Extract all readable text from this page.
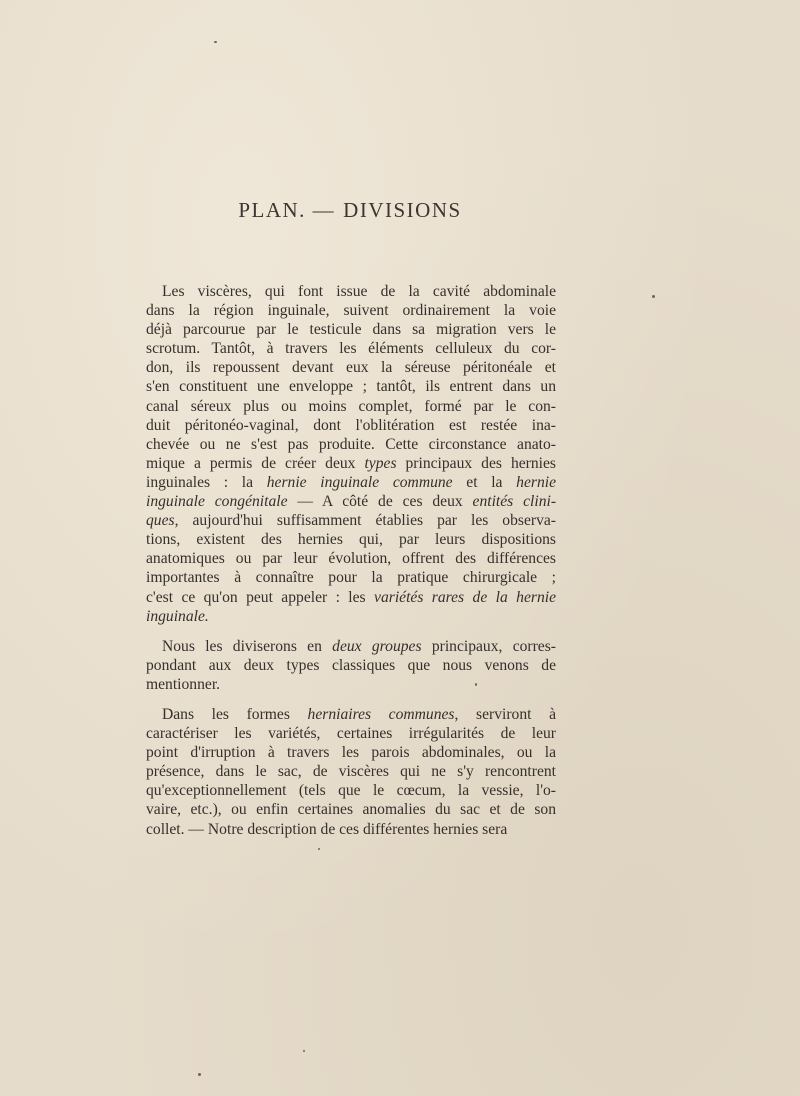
PLAN. — DIVISIONS
Les viscères, qui font issue de la cavité abdominale
dans la région inguinale, suivent ordinairement la voie
déjà parcourue par le testicule dans sa migration vers le
scrotum. Tantôt, à travers les éléments celluleux du cor-
don, ils repoussent devant eux la séreuse péritonéale et
s'en constituent une enveloppe ; tantôt, ils entrent dans un
canal séreux plus ou moins complet, formé par le con-
duit péritonéo-vaginal, dont l'oblitération est restée ina-
chevée ou ne s'est pas produite. Cette circonstance anato-
mique a permis de créer deux types principaux des hernies
inguinales : la hernie inguinale commune et la hernie
inguinale congénitale — A côté de ces deux entités clini-
ques, aujourd'hui suffisamment établies par les observa-
tions, existent des hernies qui, par leurs dispositions
anatomiques ou par leur évolution, offrent des différences
importantes à connaître pour la pratique chirurgicale ;
c'est ce qu'on peut appeler : les variétés rares de la hernie
inguinale.
Nous les diviserons en deux groupes principaux, corres-
pondant aux deux types classiques que nous venons de
mentionner.
Dans les formes herniaires communes, serviront à
caractériser les variétés, certaines irrégularités de leur
point d'irruption à travers les parois abdominales, ou la
présence, dans le sac, de viscères qui ne s'y rencontrent
qu'exceptionnellement (tels que le cœcum, la vessie, l'o-
vaire, etc.), ou enfin certaines anomalies du sac et de son
collet. — Notre description de ces différentes hernies sera
